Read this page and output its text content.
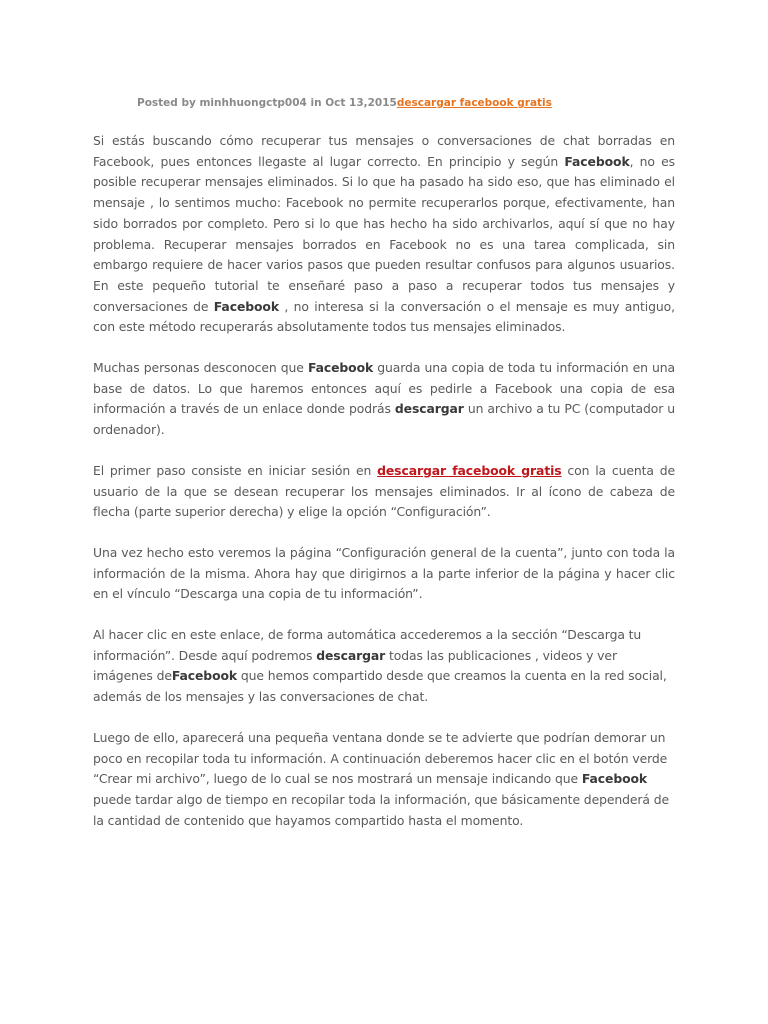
Posted by minhhuongctp004 in Oct 13,2015descargar facebook gratis

Si estás buscando cómo recuperar tus mensajes o conversaciones de chat borradas en Facebook, pues entonces llegaste al lugar correcto. En principio y según Facebook, no es posible recuperar mensajes eliminados. Si lo que ha pasado ha sido eso, que has eliminado el mensaje , lo sentimos mucho: Facebook no permite recuperarlos porque, efectivamente, han sido borrados por completo. Pero si lo que has hecho ha sido archivarlos, aquí sí que no hay problema. Recuperar mensajes borrados en Facebook no es una tarea complicada, sin embargo requiere de hacer varios pasos que pueden resultar confusos para algunos usuarios. En este pequeño tutorial te enseñaré paso a paso a recuperar todos tus mensajes y conversaciones de Facebook , no interesa si la conversación o el mensaje es muy antiguo, con este método recuperarás absolutamente todos tus mensajes eliminados.

Muchas personas desconocen que Facebook guarda una copia de toda tu información en una base de datos. Lo que haremos entonces aquí es pedirle a Facebook una copia de esa información a través de un enlace donde podrás descargar un archivo a tu PC (computador u ordenador).

El primer paso consiste en iniciar sesión en descargar facebook gratis con la cuenta de usuario de la que se desean recuperar los mensajes eliminados. Ir al ícono de cabeza de flecha (parte superior derecha) y elige la opción “Configuración”.

Una vez hecho esto veremos la página “Configuración general de la cuenta”, junto con toda la información de la misma. Ahora hay que dirigirnos a la parte inferior de la página y hacer clic en el vínculo “Descarga una copia de tu información”.

Al hacer clic en este enlace, de forma automática accederemos a la sección “Descarga tu información”. Desde aquí podremos descargar todas las publicaciones , videos y ver imágenes deFacebook que hemos compartido desde que creamos la cuenta en la red social, además de los mensajes y las conversaciones de chat.

Luego de ello, aparecerá una pequeña ventana donde se te advierte que podrían demorar un poco en recopilar toda tu información. A continuación deberemos hacer clic en el botón verde “Crear mi archivo”, luego de lo cual se nos mostrará un mensaje indicando que Facebook puede tardar algo de tiempo en recopilar toda la información, que básicamente dependerá de la cantidad de contenido que hayamos compartido hasta el momento.
